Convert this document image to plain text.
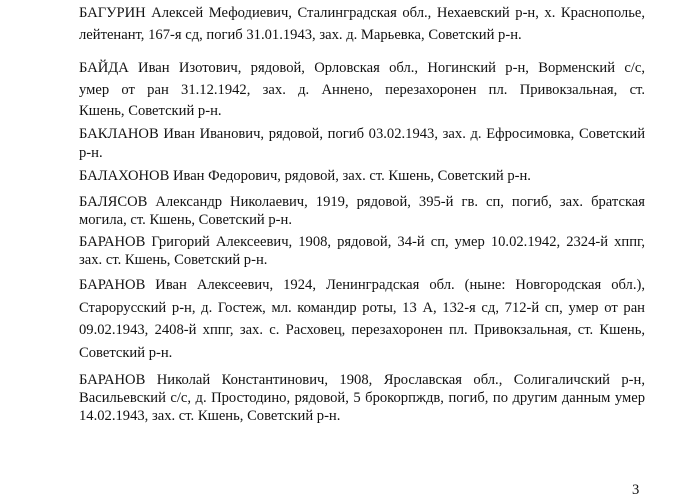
БАГУРИН Алексей Мефодиевич, Сталинградская обл., Нехаевский р-н, х. Краснополье,
лейтенант, 167-я сд, погиб 31.01.1943, зах. д. Марьевка, Советский р-н.

БАЙДА Иван Изотович, рядовой, Орловская обл., Ногинский р-н, Ворменский с/с,
умер от ран 31.12.1942, зах. д. Аннено, перезахоронен пл. Привокзальная, ст.
Кшень, Советский р-н.

БАКЛАНОВ Иван Иванович, рядовой, погиб 03.02.1943, зах. д. Ефросимовка, Советский
р-н.

БАЛАХОНОВ Иван Федорович, рядовой, зах. ст. Кшень, Советский р-н.

БАЛЯСОВ Александр Николаевич, 1919, рядовой, 395-й гв. сп, погиб, зах. братская
могила, ст. Кшень, Советский р-н.

БАРАНОВ Григорий Алексеевич, 1908, рядовой, 34-й сп, умер 10.02.1942, 2324-й хппг,
зах. ст. Кшень, Советский р-н.

БАРАНОВ Иван Алексеевич, 1924, Ленинградская обл. (ныне: Новгородская обл.),
Старорусский р-н, д. Гостеж, мл. командир роты, 13 А, 132-я сд, 712-й сп, умер от ран
09.02.1943, 2408-й хппг, зах. с. Расховец, перезахоронен пл. Привокзальная, ст. Кшень,
Советский р-н.

БАРАНОВ Николай Константинович, 1908, Ярославская обл., Солигаличский р-н,
Васильевский с/с, д. Простодино, рядовой, 5 брокорпждв, погиб, по другим данным умер
14.02.1943, зах. ст. Кшень, Советский р-н.

3
